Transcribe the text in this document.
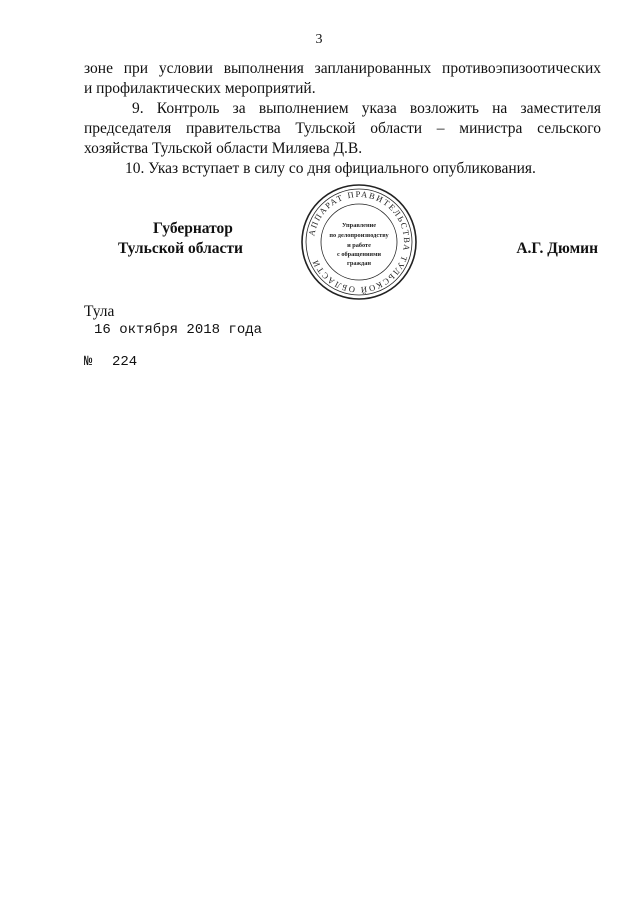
3
зоне при условии выполнения запланированных противоэпизоотических
и профилактических мероприятий.
9. Контроль за выполнением указа возложить на заместителя
председателя правительства Тульской области – министра сельского
хозяйства Тульской области Миляева Д.В.
10. Указ вступает в силу со дня официального опубликования.
Губернатор
Тульской области	А.Г. Дюмин
АППАРАТ ПРАВИТЕЛЬСТВА ТУЛЬСКОЙ ОБЛАСТИ
Управление
по делопроизводству
и работе
с обращениями
граждан
Тула
16 октября 2018 года
№ 224
